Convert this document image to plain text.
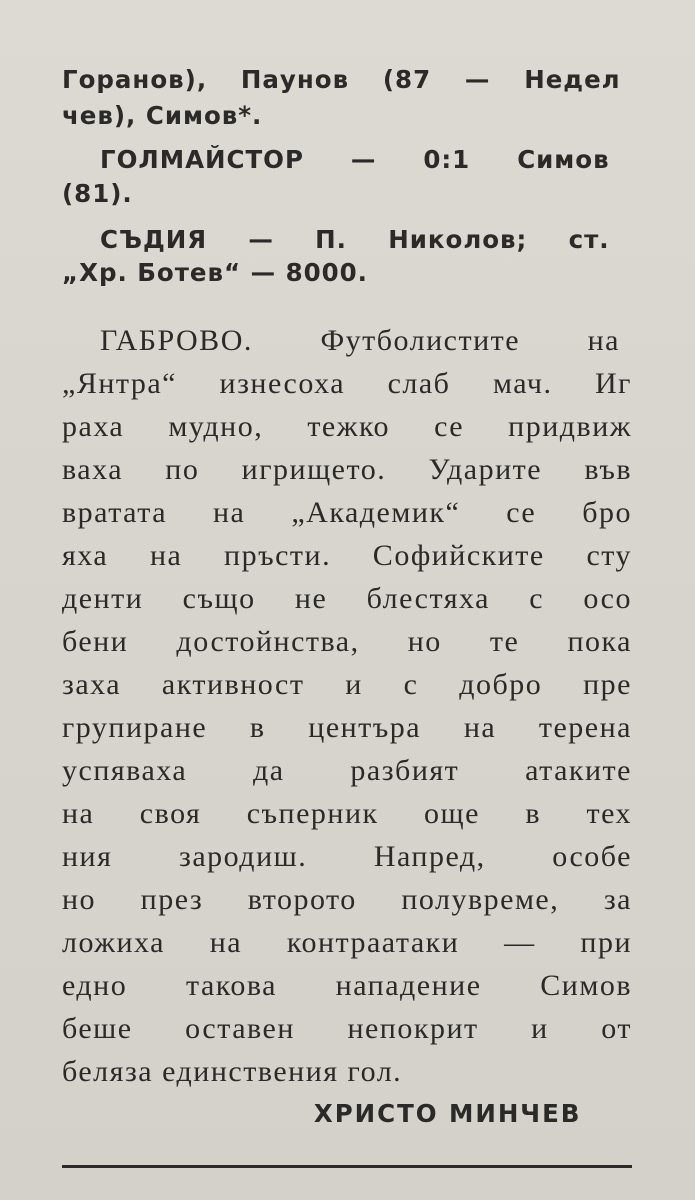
Горанов), Паунов (87 — Недел
чев), Симов*.
ГОЛМАЙСТОР — 0:1 Симов
(81).
СЪДИЯ — П. Николов; ст.
„Хр. Ботев“ — 8000.
ГАБРОВО. Футболистите на
„Янтра“ изнесоха слаб мач. Иг
раха мудно, тежко се придвиж
ваха по игрището. Ударите във
вратата на „Академик“ се бро
яха на пръсти. Софийските сту
денти също не блестяха с осо
бени достойнства, но те пока
заха активност и с добро пре
групиране в центъра на терена
успяваха да разбият атаките
на своя съперник още в тех
ния зародиш. Напред, особе
но през второто полувреме, за
ложиха на контраатаки — при
едно такова нападение Симов
беше оставен непокрит и от
беляза единствения гол.
ХРИСТО МИНЧЕВ
